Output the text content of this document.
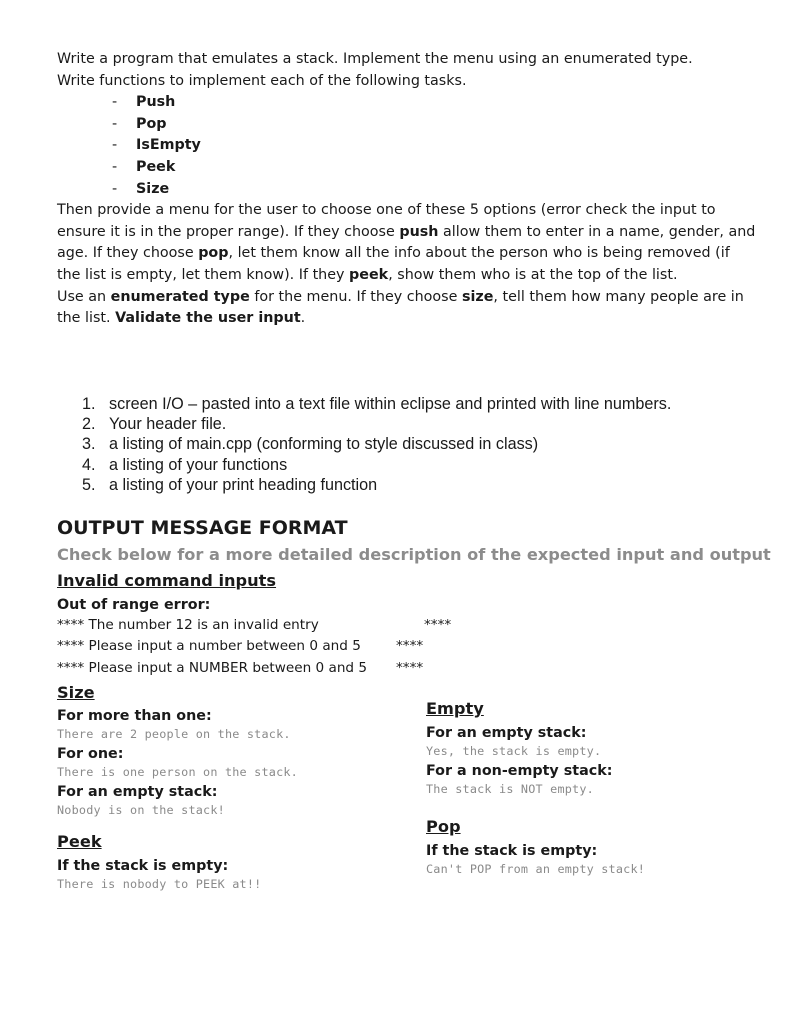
Write a program that emulates a stack. Implement the menu using an enumerated type.

Write functions to implement each of the following tasks.

- Push
- Pop
- IsEmpty
- Peek
- Size

Then provide a menu for the user to choose one of these 5 options (error check the input to ensure it is in the proper range). If they choose push allow them to enter in a name, gender, and age. If they choose pop, let them know all the info about the person who is being removed (if the list is empty, let them know). If they peek, show them who is at the top of the list.

Use an enumerated type for the menu. If they choose size, tell them how many people are in the list. Validate the user input.

1. screen I/O – pasted into a text file within eclipse and printed with line numbers.
2. Your header file.
3. a listing of main.cpp (conforming to style discussed in class)
4. a listing of your functions
5. a listing of your print heading function
OUTPUT MESSAGE FORMAT
Check below for a more detailed description of the expected input and output
Invalid command inputs

Out of range error:

**** The number 12 is an invalid entry	****
**** Please input a number between 0 and 5	****
**** Please input a NUMBER between 0 and 5 ****

Size

For more than one:

There are 2 people on the stack.

For one:

There is one person on the stack.

For an empty stack:

Nobody is on the stack!

Peek

If the stack is empty:

There is nobody to PEEK at!!

Empty

For an empty stack:

Yes, the stack is empty.

For a non-empty stack:

The stack is NOT empty.

Pop

If the stack is empty:

Can't POP from an empty stack!
